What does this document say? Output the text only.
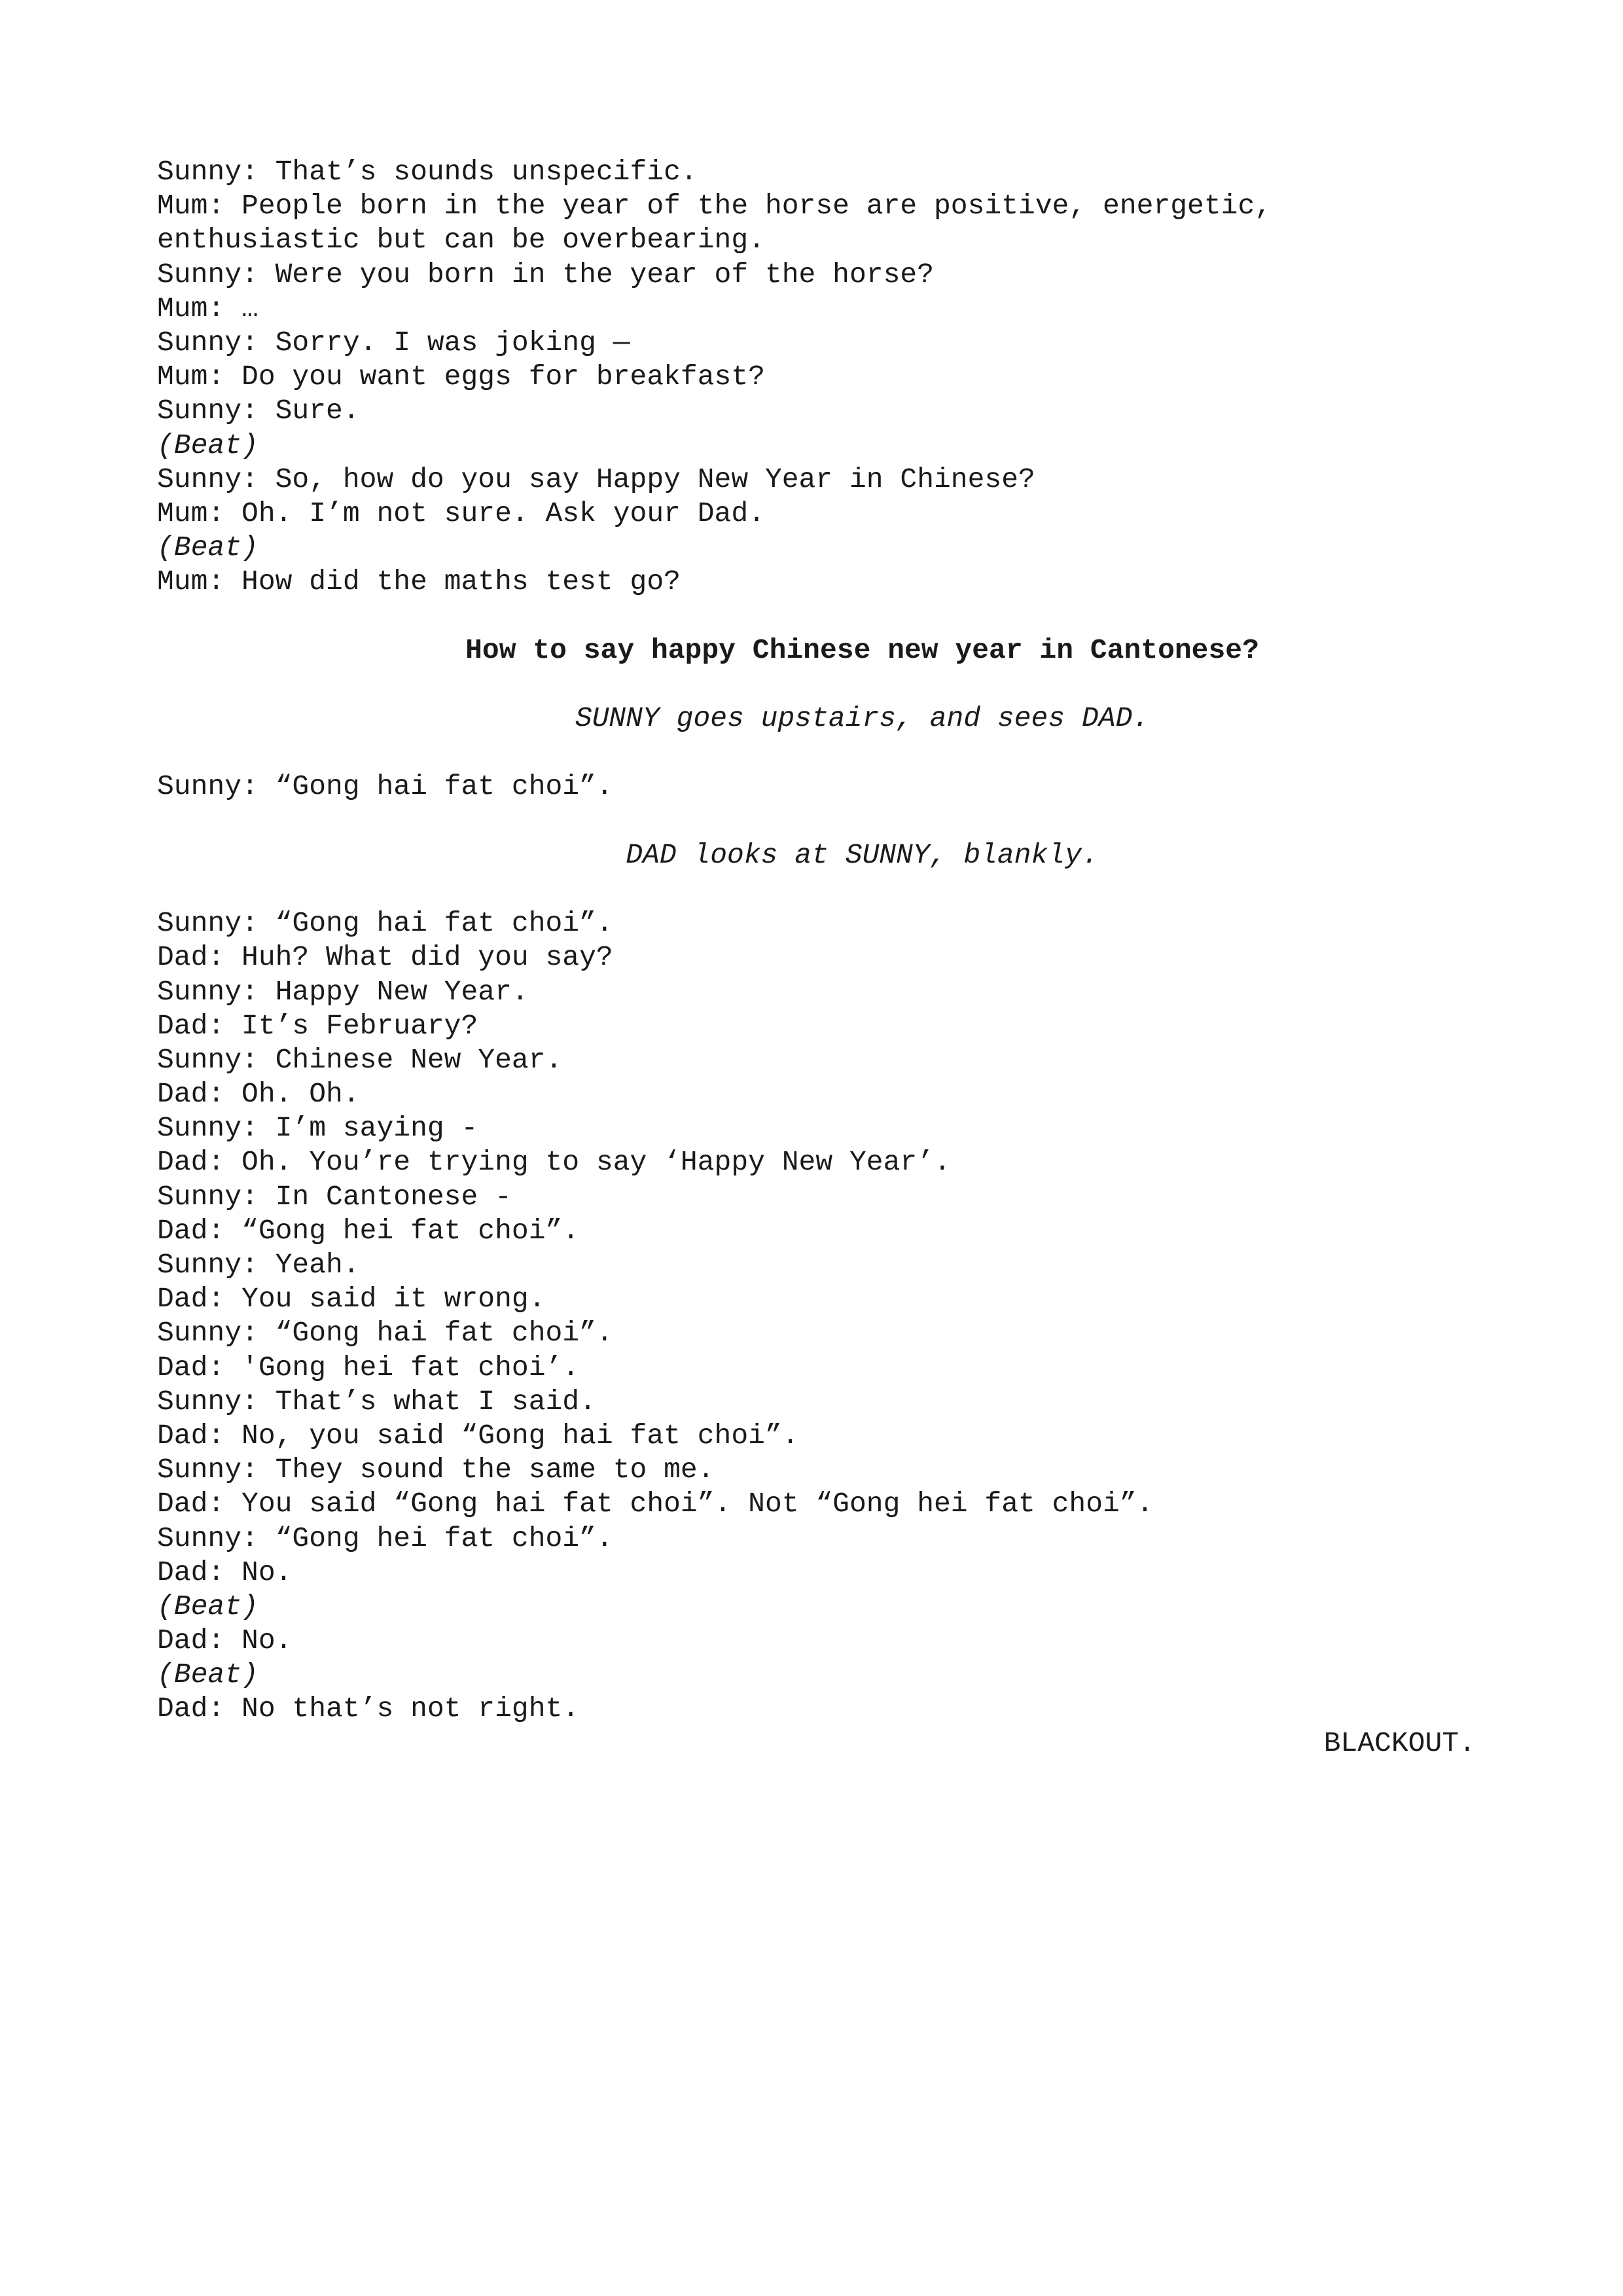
Sunny: That’s sounds unspecific.
Mum: People born in the year of the horse are positive, energetic,
enthusiastic but can be overbearing.
Sunny: Were you born in the year of the horse?
Mum: …
Sunny: Sorry. I was joking —
Mum: Do you want eggs for breakfast?
Sunny: Sure.
(Beat)
Sunny: So, how do you say Happy New Year in Chinese?
Mum: Oh. I’m not sure. Ask your Dad.
(Beat)
Mum: How did the maths test go?
How to say happy Chinese new year in Cantonese?
SUNNY goes upstairs, and sees DAD.
Sunny: “Gong hai fat choi”.
DAD looks at SUNNY, blankly.
Sunny: “Gong hai fat choi”.
Dad: Huh? What did you say?
Sunny: Happy New Year.
Dad: It’s February?
Sunny: Chinese New Year.
Dad: Oh. Oh.
Sunny: I’m saying -
Dad: Oh. You’re trying to say ‘Happy New Year’.
Sunny: In Cantonese -
Dad: “Gong hei fat choi”.
Sunny: Yeah.
Dad: You said it wrong.
Sunny: “Gong hai fat choi”.
Dad: 'Gong hei fat choi’.
Sunny: That’s what I said.
Dad: No, you said “Gong hai fat choi”.
Sunny: They sound the same to me.
Dad: You said “Gong hai fat choi”. Not “Gong hei fat choi”.
Sunny: “Gong hei fat choi”.
Dad: No.
(Beat)
Dad: No.
(Beat)
Dad: No that’s not right.
BLACKOUT.
